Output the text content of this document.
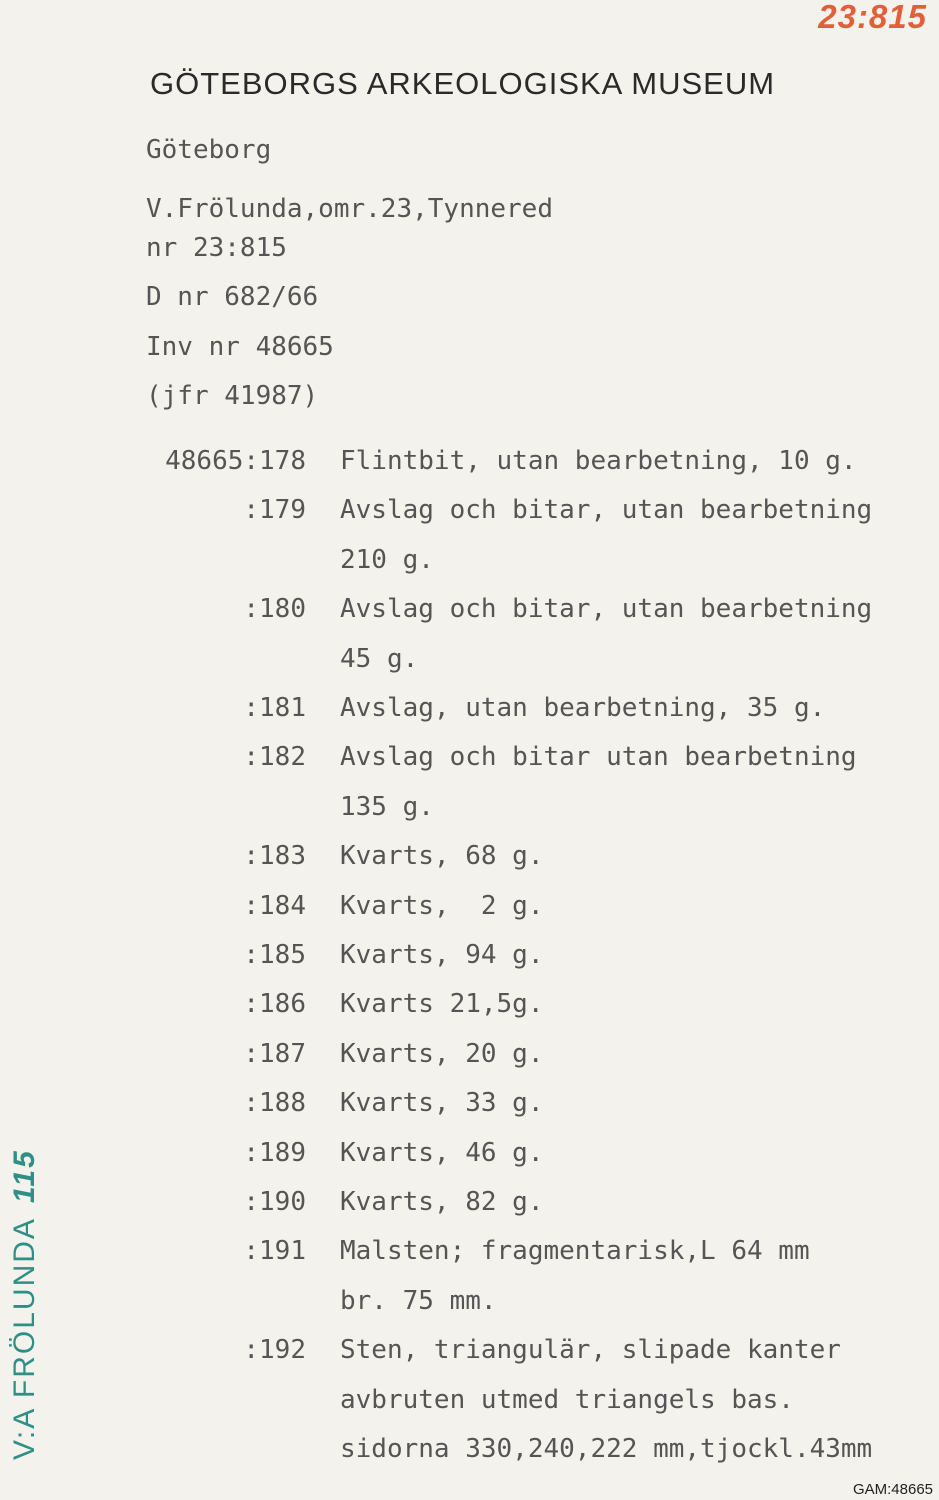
23:815
GÖTEBORGS ARKEOLOGISKA MUSEUM
Göteborg
V.Frölunda,omr.23,Tynnered
nr 23:815
D nr 682/66
Inv nr 48665
(jfr 41987)
48665:178 Flintbit, utan bearbetning, 10 g.
:179 Avslag och bitar, utan bearbetning
210 g.
:180 Avslag och bitar, utan bearbetning
45 g.
:181 Avslag, utan bearbetning, 35 g.
:182 Avslag och bitar utan bearbetning
135 g.
:183 Kvarts, 68 g.
:184 Kvarts,  2 g.
:185 Kvarts, 94 g.
:186 Kvarts 21,5g.
:187 Kvarts, 20 g.
:188 Kvarts, 33 g.
:189 Kvarts, 46 g.
:190 Kvarts, 82 g.
:191 Malsten; fragmentarisk,L 64 mm
br. 75 mm.
:192 Sten, triangulär, slipade kanter
avbruten utmed triangels bas.
sidorna 330,240,222 mm,tjockl.43mm
V:A FRÖLUNDA115
GAM:48665
